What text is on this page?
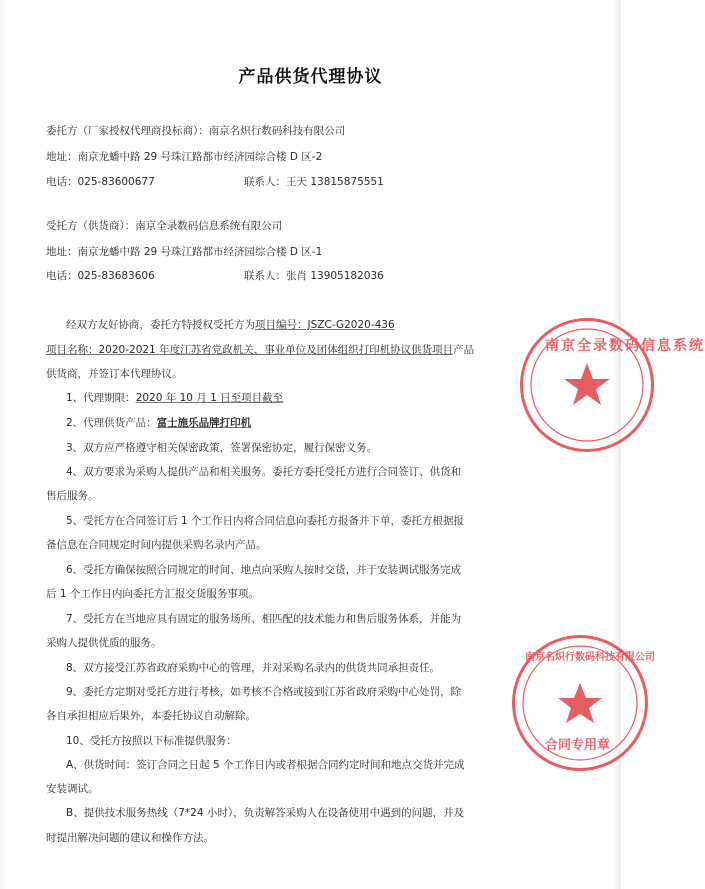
产品供货代理协议
委托方（厂家授权代理商投标商）：南京名炽行数码科技有限公司
地址：南京龙蟠中路 29 号珠江路都市经济园综合楼 D 区-2
电话：025-83600677	联系人：王天 13815875551
受托方（供货商）：南京全录数码信息系统有限公司
地址：南京龙蟠中路 29 号珠江路都市经济园综合楼 D 区-1
电话：025-83683606	联系人：张肖 13905182036
经双方友好协商，委托方特授权受托方为项目编号：JSZC-G2020-436
项目名称：2020-2021 年度江苏省党政机关、事业单位及团体组织打印机协议供货项目产品
供货商，并签订本代理协议。
1、代理期限：2020 年 10 月 1 日至项目截至
2、代理供货产品：富士施乐品牌打印机
3、双方应严格遵守相关保密政策，签署保密协定，履行保密义务。
4、双方要求为采购人提供产品和相关服务。委托方委托受托方进行合同签订、供货和
售后服务。
5、受托方在合同签订后 1 个工作日内将合同信息向委托方报备并下单，委托方根据报
备信息在合同规定时间内提供采购名录内产品。
6、受托方确保按照合同规定的时间、地点向采购人按时交货，并于安装调试服务完成
后 1 个工作日内向委托方汇报交货服务事项。
7、受托方在当地应具有固定的服务场所、相匹配的技术能力和售后服务体系，并能为
采购人提供优质的服务。
8、双方接受江苏省政府采购中心的管理，并对采购名录内的供货共同承担责任。
9、委托方定期对受托方进行考核，如考核不合格或接到江苏省政府采购中心处罚，除
各自承担相应后果外，本委托协议自动解除。
10、受托方按照以下标准提供服务：
A、供货时间：签订合同之日起 5 个工作日内或者根据合同约定时间和地点交货并完成
安装调试。
B、提供技术服务热线（7*24 小时），负责解答采购人在设备使用中遇到的问题，并及
时提出解决问题的建议和操作方法。
南京全录数码信息系统
南京名炽行数码科技有限公司
合同专用章
